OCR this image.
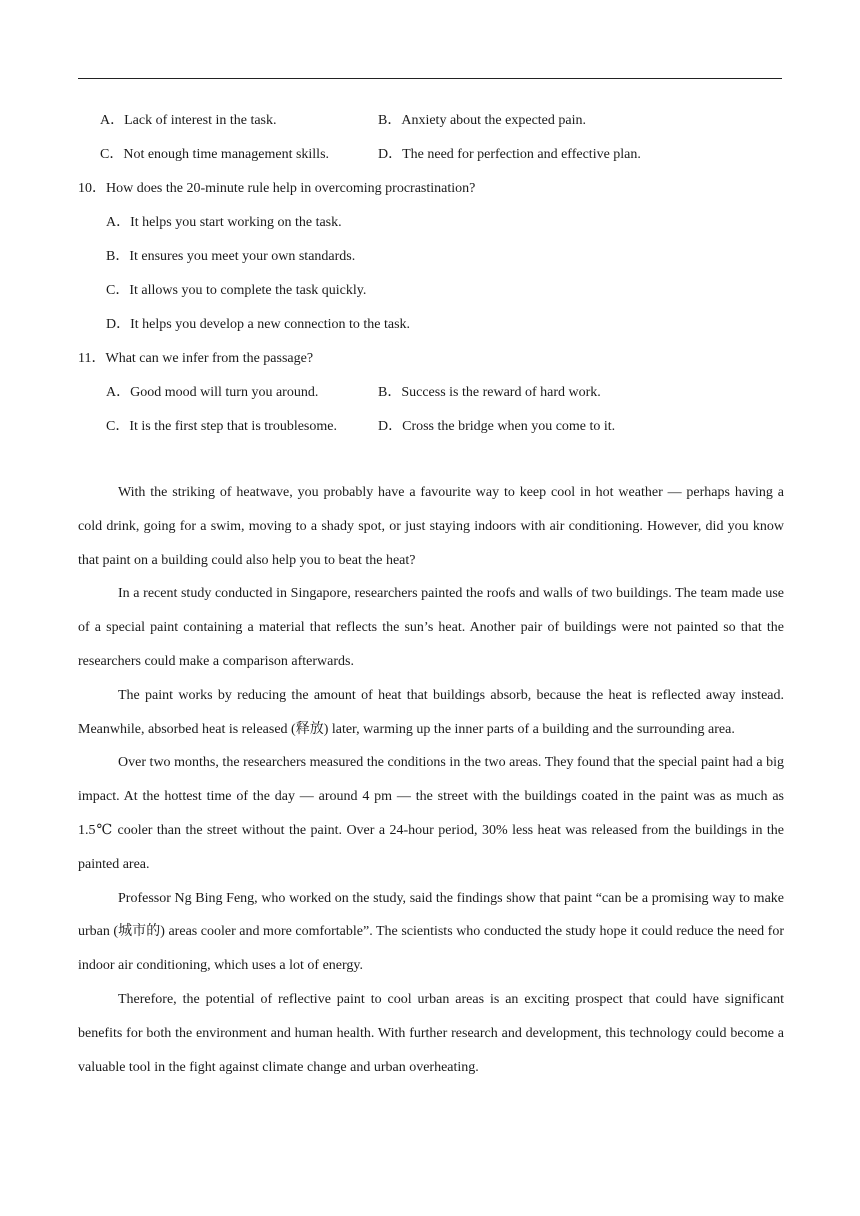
A．Lack of interest in the task.	B．Anxiety about the expected pain.
C．Not enough time management skills.	D．The need for perfection and effective plan.
10．How does the 20-minute rule help in overcoming procrastination?
A．It helps you start working on the task.
B．It ensures you meet your own standards.
C．It allows you to complete the task quickly.
D．It helps you develop a new connection to the task.
11．What can we infer from the passage?
A．Good mood will turn you around.	B．Success is the reward of hard work.
C．It is the first step that is troublesome.	D．Cross the bridge when you come to it.

With the striking of heatwave, you probably have a favourite way to keep cool in hot weather — perhaps having a cold drink, going for a swim, moving to a shady spot, or just staying indoors with air conditioning. However, did you know that paint on a building could also help you to beat the heat?

In a recent study conducted in Singapore, researchers painted the roofs and walls of two buildings. The team made use of a special paint containing a material that reflects the sun’s heat. Another pair of buildings were not painted so that the researchers could make a comparison afterwards.

The paint works by reducing the amount of heat that buildings absorb, because the heat is reflected away instead. Meanwhile, absorbed heat is released (释放) later, warming up the inner parts of a building and the surrounding area.

Over two months, the researchers measured the conditions in the two areas. They found that the special paint had a big impact. At the hottest time of the day — around 4 pm — the street with the buildings coated in the paint was as much as 1.5℃ cooler than the street without the paint. Over a 24-hour period, 30% less heat was released from the buildings in the painted area.

Professor Ng Bing Feng, who worked on the study, said the findings show that paint “can be a promising way to make urban (城市的) areas cooler and more comfortable”. The scientists who conducted the study hope it could reduce the need for indoor air conditioning, which uses a lot of energy.

Therefore, the potential of reflective paint to cool urban areas is an exciting prospect that could have significant benefits for both the environment and human health. With further research and development, this technology could become a valuable tool in the fight against climate change and urban overheating.
